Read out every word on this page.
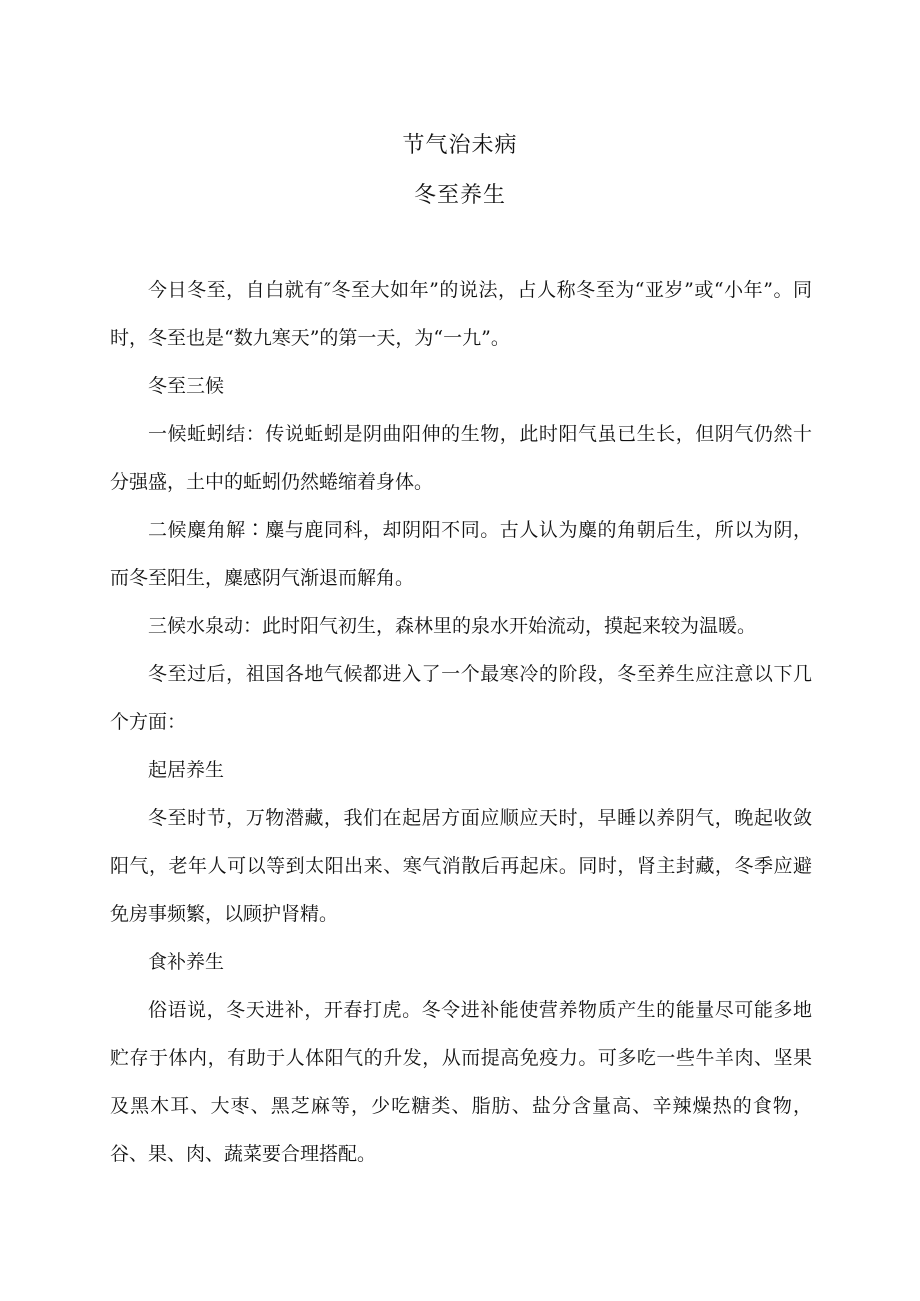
节气治未病
冬至养生

今日冬至，自白就有″冬至大如年”的说法，占人称冬至为“亚岁”或“小年”。同时，冬至也是“数九寒天”的第一天，为“一九”。

冬至三候

一候蚯蚓结：传说蚯蚓是阴曲阳伸的生物，此时阳气虽已生长，但阴气仍然十分强盛，土中的蚯蚓仍然蜷缩着身体。

二候麋角解∶麋与鹿同科，却阴阳不同。古人认为麋的角朝后生，所以为阴，而冬至阳生，麋感阴气渐退而解角。

三候水泉动：此时阳气初生，森林里的泉水开始流动，摸起来较为温暖。

冬至过后，祖国各地气候都进入了一个最寒冷的阶段，冬至养生应注意以下几个方面：

起居养生

冬至时节，万物潜藏，我们在起居方面应顺应天时，早睡以养阴气，晚起收敛阳气，老年人可以等到太阳出来、寒气消散后再起床。同时，肾主封藏，冬季应避免房事频繁，以顾护肾精。

食补养生

俗语说，冬天进补，开春打虎。冬令进补能使营养物质产生的能量尽可能多地贮存于体内，有助于人体阳气的升发，从而提高免疫力。可多吃一些牛羊肉、坚果及黑木耳、大枣、黑芝麻等，少吃糖类、脂肪、盐分含量高、辛辣燥热的食物，谷、果、肉、蔬菜要合理搭配。
